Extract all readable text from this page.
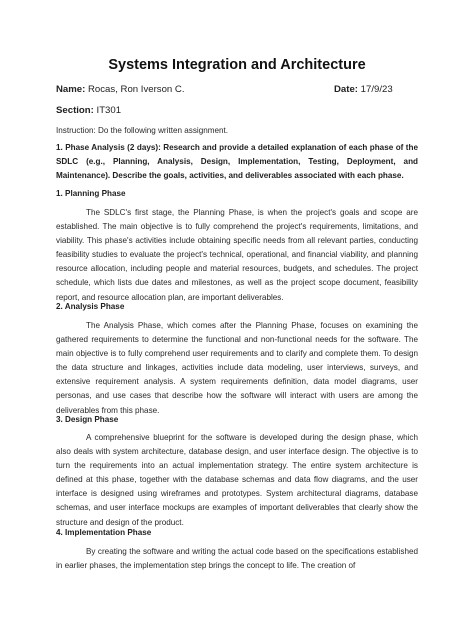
Systems Integration and Architecture
Name: Rocas, Ron Iverson C.	Date: 17/9/23
Section: IT301
Instruction: Do the following written assignment.
1. Phase Analysis (2 days): Research and provide a detailed explanation of each phase of the SDLC (e.g., Planning, Analysis, Design, Implementation, Testing, Deployment, and Maintenance). Describe the goals, activities, and deliverables associated with each phase.
1. Planning Phase
The SDLC's first stage, the Planning Phase, is when the project's goals and scope are established. The main objective is to fully comprehend the project's requirements, limitations, and viability. This phase's activities include obtaining specific needs from all relevant parties, conducting feasibility studies to evaluate the project's technical, operational, and financial viability, and planning resource allocation, including people and material resources, budgets, and schedules. The project schedule, which lists due dates and milestones, as well as the project scope document, feasibility report, and resource allocation plan, are important deliverables.
2. Analysis Phase
The Analysis Phase, which comes after the Planning Phase, focuses on examining the gathered requirements to determine the functional and non-functional needs for the software. The main objective is to fully comprehend user requirements and to clarify and complete them. To design the data structure and linkages, activities include data modeling, user interviews, surveys, and extensive requirement analysis. A system requirements definition, data model diagrams, user personas, and use cases that describe how the software will interact with users are among the deliverables from this phase.
3. Design Phase
A comprehensive blueprint for the software is developed during the design phase, which also deals with system architecture, database design, and user interface design. The objective is to turn the requirements into an actual implementation strategy. The entire system architecture is defined at this phase, together with the database schemas and data flow diagrams, and the user interface is designed using wireframes and prototypes. System architectural diagrams, database schemas, and user interface mockups are examples of important deliverables that clearly show the structure and design of the product.
4. Implementation Phase
By creating the software and writing the actual code based on the specifications established in earlier phases, the implementation step brings the concept to life. The creation of
